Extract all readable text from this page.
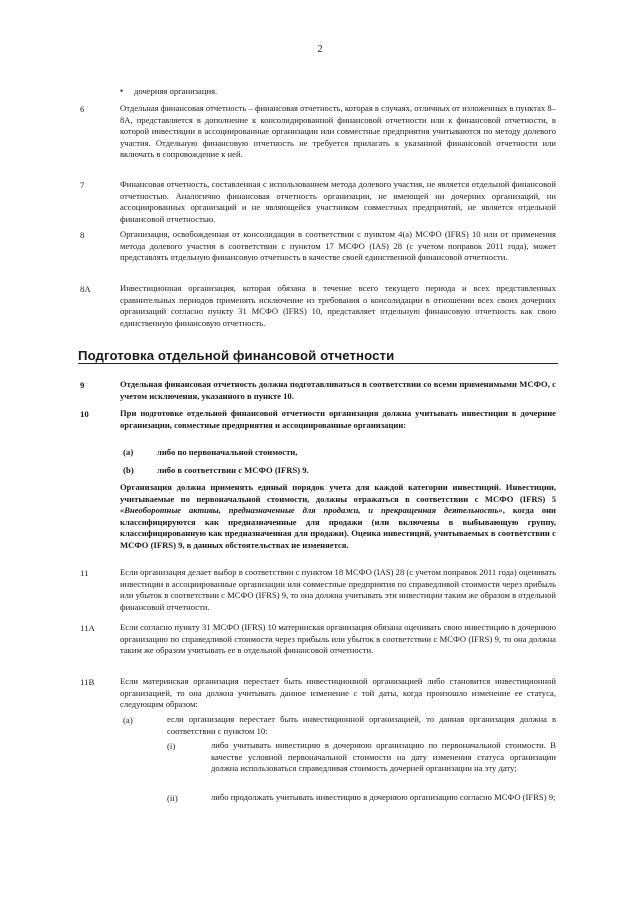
2
• дочерняя организация.

6	Отдельная финансовая отчетность – финансовая отчетность, которая в случаях, отличных от изложенных в пунктах 8–8А, представляется в дополнение к консолидированной финансовой отчетности или к финансовой отчетности, в которой инвестиции в ассоциированные организации или совместные предприятия учитываются по методу долевого участия. Отдельную финансовую отчетность не требуется прилагать к указанной финансовой отчетности или включать в сопровождение к ней.

7	Финансовая отчетность, составленная с использованием метода долевого участия, не является отдельной финансовой отчетностью. Аналогично финансовая отчетность организации, не имеющей ни дочерних организаций, ни ассоциированных организаций и не являющейся участником совместных предприятий, не является отдельной финансовой отчетностью.

8	Организация, освобожденная от консолидации в соответствии с пунктом 4(а) МСФО (IFRS) 10 или от применения метода долевого участия в соответствии с пунктом 17 МСФО (IAS) 28 (с учетом поправок 2011 года), может представлять отдельную финансовую отчетность в качестве своей единственной финансовой отчетности.

8А	Инвестиционная организация, которая обязана в течение всего текущего периода и всех представленных сравнительных периодов применять исключение из требования о консолидации в отношении всех своих дочерних организаций согласно пункту 31 МСФО (IFRS) 10, представляет отдельную финансовую отчетность как свою единственную финансовую отчетность.

Подготовка отдельной финансовой отчетности
9	Отдельная финансовая отчетность должна подготавливаться в соответствии со всеми применимыми МСФО, с учетом исключения, указанного в пункте 10.

10	При подготовке отдельной финансовой отчетности организация должна учитывать инвестиции в дочерние организации, совместные предприятия и ассоциированные организации:

(а)	либо по первоначальной стоимости,

(b)	либо в соответствии с МСФО (IFRS) 9.

Организация должна применять единый порядок учета для каждой категории инвестиций. Инвестиции, учитываемые по первоначальной стоимости, должны отражаться в соответствии с МСФО (IFRS) 5 «Внеоборотные активы, предназначенные для продажи, и прекращенная деятельность», когда они классифицируются как предназначенные для продажи (или включены в выбывающую группу, классифицированную как предназначенная для продажи). Оценка инвестиций, учитываемых в соответствии с МСФО (IFRS) 9, в данных обстоятельствах не изменяется.

11	Если организация делает выбор в соответствии с пунктом 18 МСФО (IAS) 28 (с учетом поправок 2011 года) оценивать инвестиции в ассоциированные организации или совместные предприятия по справедливой стоимости через прибыль или убыток в соответствии с МСФО (IFRS) 9, то она должна учитывать эти инвестиции таким же образом в отдельной финансовой отчетности.

11А	Если согласно пункту 31 МСФО (IFRS) 10 материнская организация обязана оценивать свою инвестицию в дочернюю организацию по справедливой стоимости через прибыль или убыток в соответствии с МСФО (IFRS) 9, то она должна таким же образом учитывать ее в отдельной финансовой отчетности.

11В	Если материнская организация перестает быть инвестиционной организацией либо становится инвестиционной организацией, то она должна учитывать данное изменение с той даты, когда произошло изменение ее статуса, следующим образом:

(а)	если организация перестает быть инвестиционной организацией, то данная организация должна в соответствии с пунктом 10:

(i)	либо учитывать инвестицию в дочернюю организацию по первоначальной стоимости. В качестве условной первоначальной стоимости на дату изменения статуса организации должна использоваться справедливая стоимость дочерней организации на эту дату;

(ii)	либо продолжать учитывать инвестицию в дочернюю организацию согласно МСФО (IFRS) 9;
